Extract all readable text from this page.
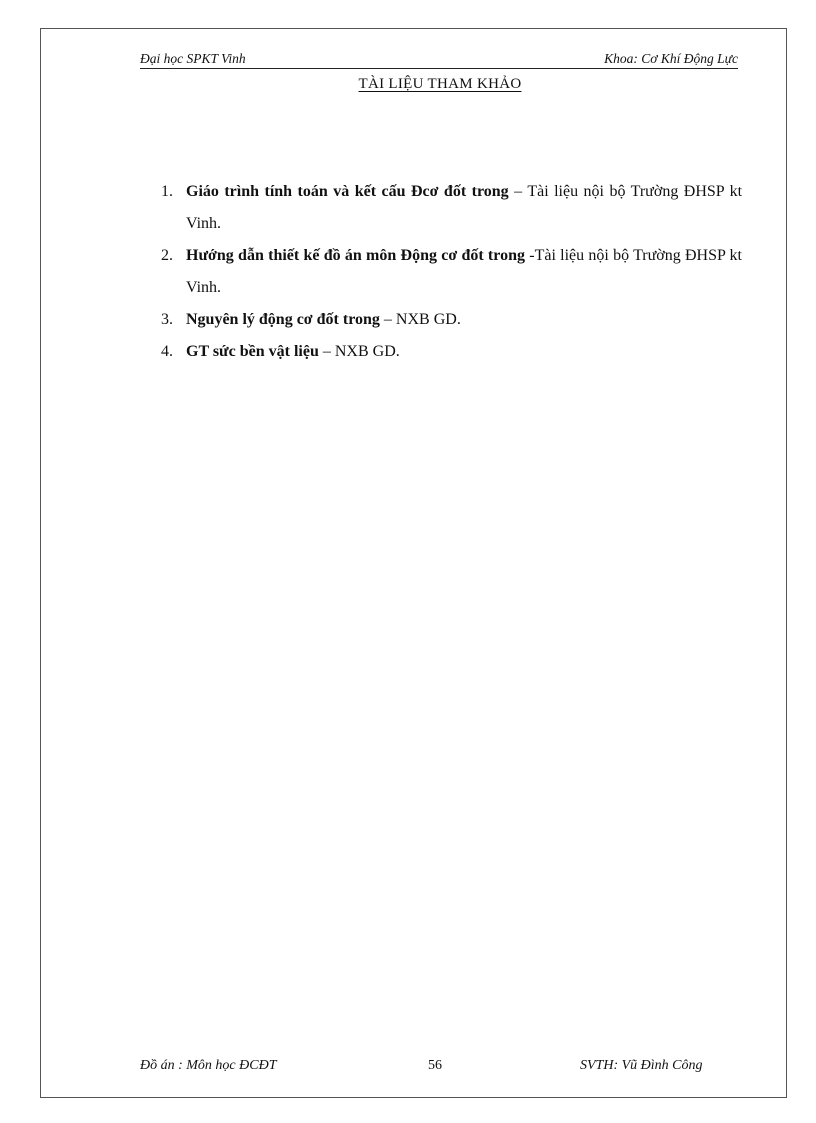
Đại học SPKT Vinh	Khoa: Cơ Khí Động Lực
TÀI LIỆU THAM KHẢO
1. Giáo trình tính toán và kết cấu Đcơ đốt trong – Tài liệu nội bộ Trường ĐHSP kt Vinh.
2. Hướng dẫn thiết kế đồ án môn Động cơ đốt trong -Tài liệu nội bộ Trường ĐHSP kt Vinh.
3. Nguyên lý động cơ đốt trong – NXB GD.
4. GT sức bền vật liệu – NXB GD.
Đồ án : Môn học ĐCĐT	56	SVTH: Vũ Đình Công
